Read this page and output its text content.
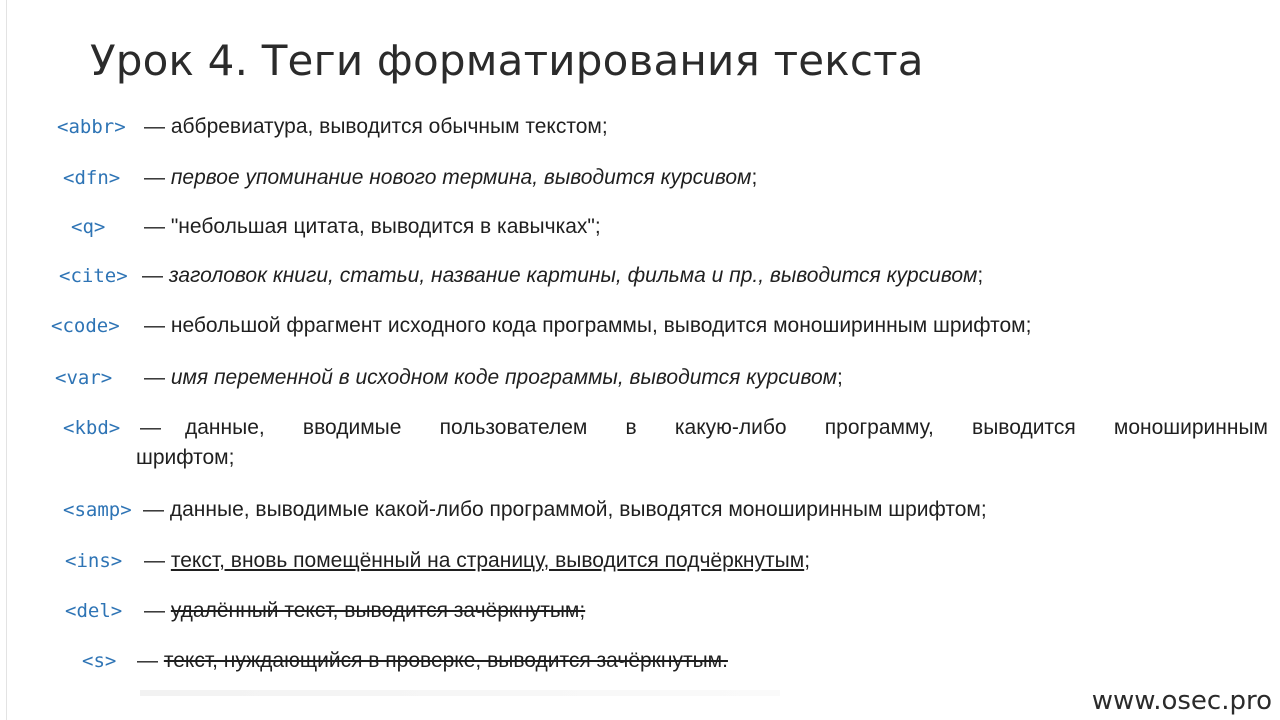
Урок 4. Теги форматирования текста
<abbr> — аббревиатура, выводится обычным текстом;
<dfn> — первое упоминание нового термина, выводится курсивом;
<q> — "небольшая цитата, выводится в кавычках";
<cite> — заголовок книги, статьи, название картины, фильма и пр., выводится курсивом;
<code> — небольшой фрагмент исходного кода программы, выводится моноширинным шрифтом;
<var> — имя переменной в исходном коде программы, выводится курсивом;
<kbd> — данные, вводимые пользователем в какую-либо программу, выводится моноширинным
шрифтом;
<samp> — данные, выводимые какой-либо программой, выводятся моноширинным шрифтом;
<ins> — текст, вновь помещённый на страницу, выводится подчёркнутым;
<del> — удалённый текст, выводится зачёркнутым;
<s> — текст, нуждающийся в проверке, выводится зачёркнутым.
www.osec.pro
